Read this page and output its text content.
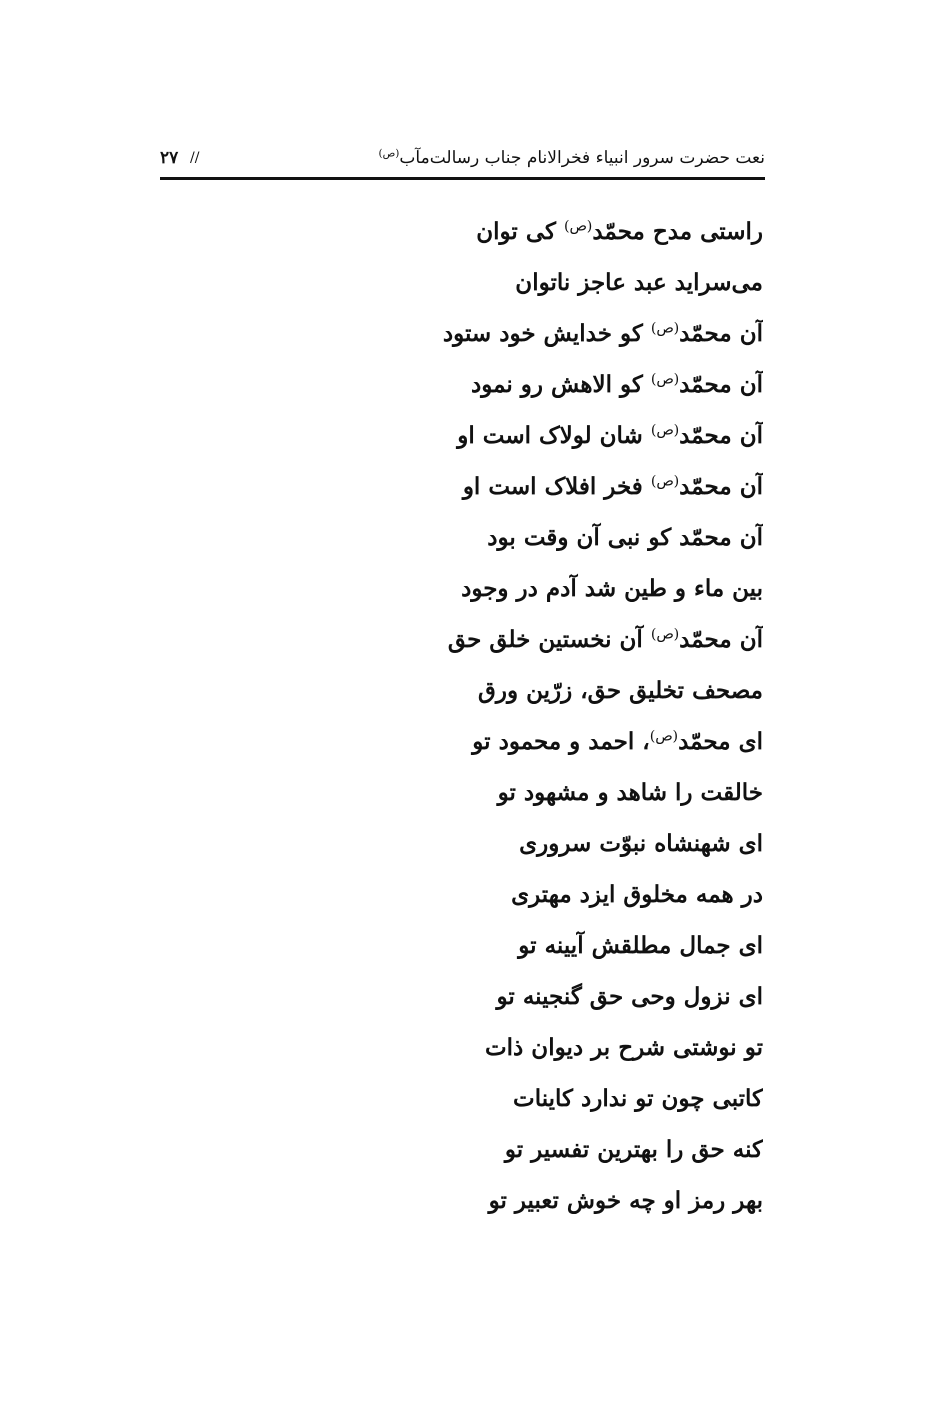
نعت حضرت سرور انبیاء فخرالانام جناب رسالت‌مآب$^{(ص)}$
//
۲۷
راستی مدح محمّد$^{(ص)}$ کی توان
می‌سراید عبد عاجز ناتوان
آن محمّد$^{(ص)}$ کو خدایش خود ستود
آن محمّد$^{(ص)}$ کو الاهش رو نمود
آن محمّد$^{(ص)}$ شان لولاک است او
آن محمّد$^{(ص)}$ فخر افلاک است او
آن محمّد کو نبی آن وقت بود
بین ماء و طین شد آدم در وجود
آن محمّد$^{(ص)}$ آن نخستین خلق حق
مصحف تخلیق حق، زرّین ورق
ای محمّد$^{(ص)}$، احمد و محمود تو
خالقت را شاهد و مشهود تو
ای شهنشاه نبوّت سروری
در همه مخلوق ایزد مهتری
ای جمال مطلقش آیینه تو
ای نزول وحی حق گنجینه تو
تو نوشتی شرح بر دیوان ذات
کاتبی چون تو ندارد کاینات
کنه حق را بهترین تفسیر تو
بهر رمز او چه خوش تعبیر تو
